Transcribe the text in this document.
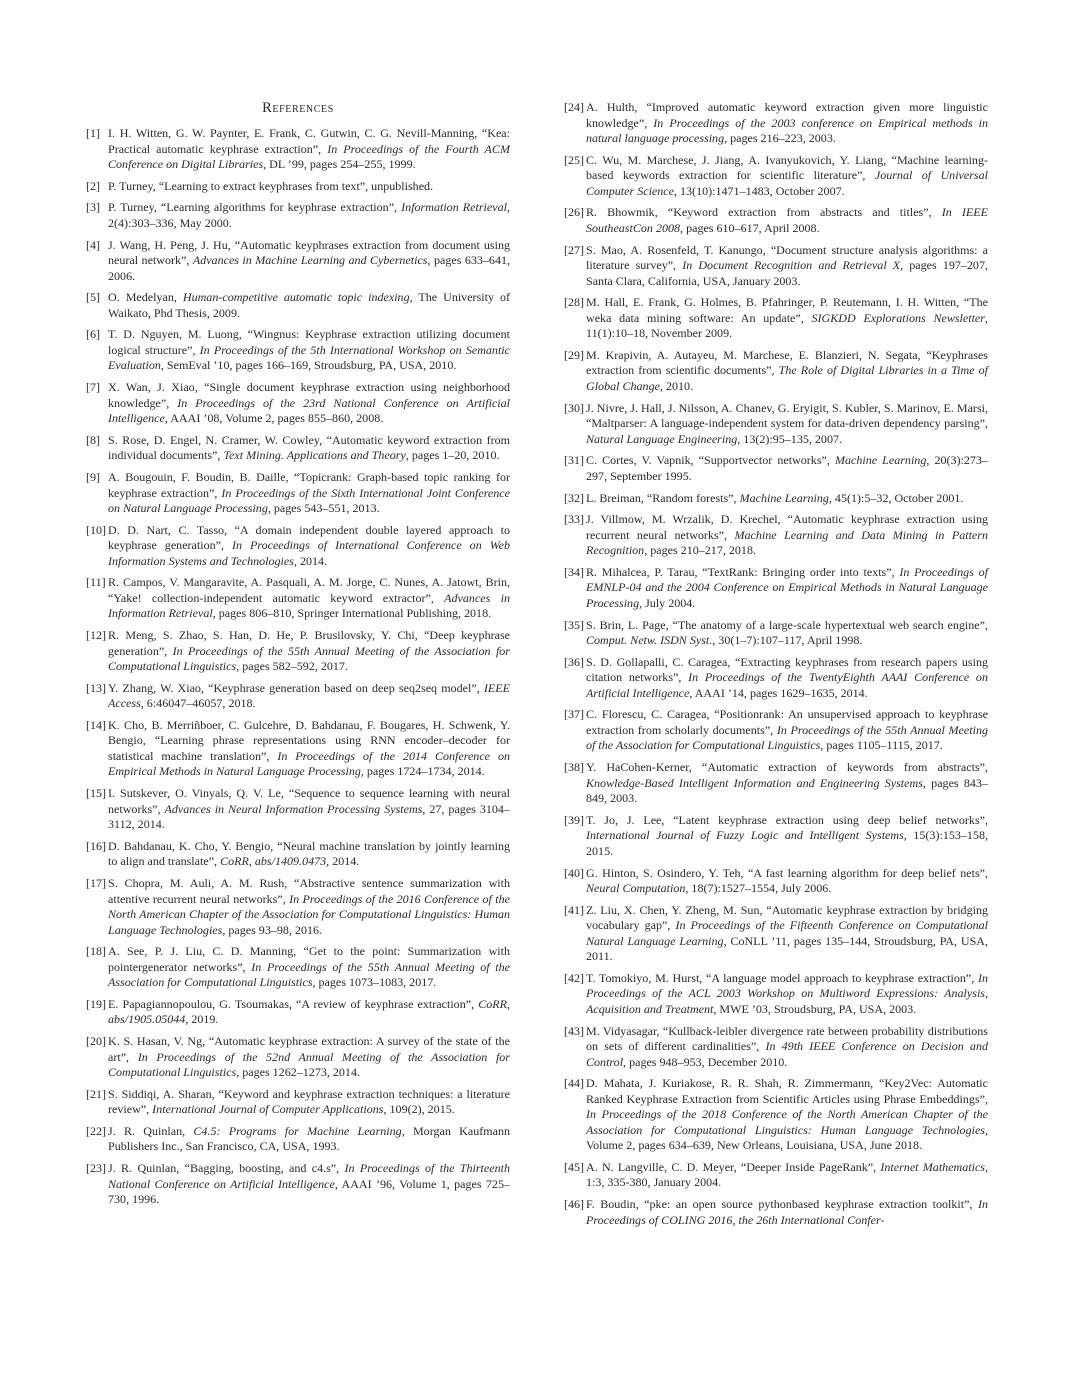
References
[1] I. H. Witten, G. W. Paynter, E. Frank, C. Gutwin, C. G. Nevill-Manning, “Kea: Practical automatic keyphrase extraction”, In Proceedings of the Fourth ACM Conference on Digital Libraries, DL ’99, pages 254–255, 1999.
[2] P. Turney, “Learning to extract keyphrases from text”, unpublished.
[3] P. Turney, “Learning algorithms for keyphrase extraction”, Information Retrieval, 2(4):303–336, May 2000.
[4] J. Wang, H. Peng, J. Hu, “Automatic keyphrases extraction from document using neural network”, Advances in Machine Learning and Cybernetics, pages 633–641, 2006.
[5] O. Medelyan, Human-competitive automatic topic indexing, The University of Waikato, Phd Thesis, 2009.
[6] T. D. Nguyen, M. Luong, “Wingnus: Keyphrase extraction utilizing document logical structure”, In Proceedings of the 5th International Workshop on Semantic Evaluation, SemEval ’10, pages 166–169, Stroudsburg, PA, USA, 2010.
[7] X. Wan, J. Xiao, “Single document keyphrase extraction using neighborhood knowledge”, In Proceedings of the 23rd National Conference on Artificial Intelligence, AAAI ’08, Volume 2, pages 855–860, 2008.
[8] S. Rose, D. Engel, N. Cramer, W. Cowley, “Automatic keyword extraction from individual documents”, Text Mining. Applications and Theory, pages 1–20, 2010.
[9] A. Bougouin, F. Boudin, B. Daille, “Topicrank: Graph-based topic ranking for keyphrase extraction”, In Proceedings of the Sixth International Joint Conference on Natural Language Processing, pages 543–551, 2013.
[10] D. D. Nart, C. Tasso, “A domain independent double layered approach to keyphrase generation”, In Proceedings of International Conference on Web Information Systems and Technologies, 2014.
[11] R. Campos, V. Mangaravite, A. Pasquali, A. M. Jorge, C. Nunes, A. Jatowt, Brin, “Yake! collection-independent automatic keyword extractor”, Advances in Information Retrieval, pages 806–810, Springer International Publishing, 2018.
[12] R. Meng, S. Zhao, S. Han, D. He, P. Brusilovsky, Y. Chi, “Deep keyphrase generation”, In Proceedings of the 55th Annual Meeting of the Association for Computational Linguistics, pages 582–592, 2017.
[13] Y. Zhang, W. Xiao, “Keyphrase generation based on deep seq2seq model”, IEEE Access, 6:46047–46057, 2018.
[14] K. Cho, B. Merriñboer, C. Gulcehre, D. Bahdanau, F. Bougares, H. Schwenk, Y. Bengio, “Learning phrase representations using RNN encoder–decoder for statistical machine translation”, In Proceedings of the 2014 Conference on Empirical Methods in Natural Language Processing, pages 1724–1734, 2014.
[15] I. Sutskever, O. Vinyals, Q. V. Le, “Sequence to sequence learning with neural networks”, Advances in Neural Information Processing Systems, 27, pages 3104–3112, 2014.
[16] D. Bahdanau, K. Cho, Y. Bengio, “Neural machine translation by jointly learning to align and translate”, CoRR, abs/1409.0473, 2014.
[17] S. Chopra, M. Auli, A. M. Rush, “Abstractive sentence summarization with attentive recurrent neural networks”, In Proceedings of the 2016 Conference of the North American Chapter of the Association for Computational Linguistics: Human Language Technologies, pages 93–98, 2016.
[18] A. See, P. J. Liu, C. D. Manning, “Get to the point: Summarization with pointergenerator networks”, In Proceedings of the 55th Annual Meeting of the Association for Computational Linguistics, pages 1073–1083, 2017.
[19] E. Papagiannopoulou, G. Tsoumakas, “A review of keyphrase extraction”, CoRR, abs/1905.05044, 2019.
[20] K. S. Hasan, V. Ng, “Automatic keyphrase extraction: A survey of the state of the art”, In Proceedings of the 52nd Annual Meeting of the Association for Computational Linguistics, pages 1262–1273, 2014.
[21] S. Siddiqi, A. Sharan, “Keyword and keyphrase extraction techniques: a literature review”, International Journal of Computer Applications, 109(2), 2015.
[22] J. R. Quinlan, C4.5: Programs for Machine Learning, Morgan Kaufmann Publishers Inc., San Francisco, CA, USA, 1993.
[23] J. R. Quinlan, “Bagging, boosting, and c4.s”, In Proceedings of the Thirteenth National Conference on Artificial Intelligence, AAAI ’96, Volume 1, pages 725–730, 1996.
[24] A. Hulth, “Improved automatic keyword extraction given more linguistic knowledge”, In Proceedings of the 2003 conference on Empirical methods in natural language processing, pages 216–223, 2003.
[25] C. Wu, M. Marchese, J. Jiang, A. Ivanyukovich, Y. Liang, “Machine learning-based keywords extraction for scientific literature”, Journal of Universal Computer Science, 13(10):1471–1483, October 2007.
[26] R. Bhowmik, “Keyword extraction from abstracts and titles”, In IEEE SoutheastCon 2008, pages 610–617, April 2008.
[27] S. Mao, A. Rosenfeld, T. Kanungo, “Document structure analysis algorithms: a literature survey”, In Document Recognition and Retrieval X, pages 197–207, Santa Clara, California, USA, January 2003.
[28] M. Hall, E. Frank, G. Holmes, B. Pfahringer, P. Reutemann, I. H. Witten, “The weka data mining software: An update”, SIGKDD Explorations Newsletter, 11(1):10–18, November 2009.
[29] M. Krapivin, A. Autayeu, M. Marchese, E. Blanzieri, N. Segata, “Keyphrases extraction from scientific documents”, The Role of Digital Libraries in a Time of Global Change, 2010.
[30] J. Nivre, J. Hall, J. Nilsson, A. Chanev, G. Eryigit, S. Kubler, S. Marinov, E. Marsi, “Maltparser: A language-independent system for data-driven dependency parsing”, Natural Language Engineering, 13(2):95–135, 2007.
[31] C. Cortes, V. Vapnik, “Supportvector networks”, Machine Learning, 20(3):273–297, September 1995.
[32] L. Breiman, “Random forests”, Machine Learning, 45(1):5–32, October 2001.
[33] J. Villmow, M. Wrzalik, D. Krechel, “Automatic keyphrase extraction using recurrent neural networks”, Machine Learning and Data Mining in Pattern Recognition, pages 210–217, 2018.
[34] R. Mihalcea, P. Tarau, “TextRank: Bringing order into texts”, In Proceedings of EMNLP-04 and the 2004 Conference on Empirical Methods in Natural Language Processing, July 2004.
[35] S. Brin, L. Page, “The anatomy of a large-scale hypertextual web search engine”, Comput. Netw. ISDN Syst., 30(1–7):107–117, April 1998.
[36] S. D. Gollapalli, C. Caragea, “Extracting keyphrases from research papers using citation networks”, In Proceedings of the TwentyEighth AAAI Conference on Artificial Intelligence, AAAI ’14, pages 1629–1635, 2014.
[37] C. Florescu, C. Caragea, “Positionrank: An unsupervised approach to keyphrase extraction from scholarly documents”, In Proceedings of the 55th Annual Meeting of the Association for Computational Linguistics, pages 1105–1115, 2017.
[38] Y. HaCohen-Kerner, “Automatic extraction of keywords from abstracts”, Knowledge-Based Intelligent Information and Engineering Systems, pages 843–849, 2003.
[39] T. Jo, J. Lee, “Latent keyphrase extraction using deep belief networks”, International Journal of Fuzzy Logic and Intelligent Systems, 15(3):153–158, 2015.
[40] G. Hinton, S. Osindero, Y. Teh, “A fast learning algorithm for deep belief nets”, Neural Computation, 18(7):1527–1554, July 2006.
[41] Z. Liu, X. Chen, Y. Zheng, M. Sun, “Automatic keyphrase extraction by bridging vocabulary gap”, In Proceedings of the Fifteenth Conference on Computational Natural Language Learning, CoNLL ’11, pages 135–144, Stroudsburg, PA, USA, 2011.
[42] T. Tomokiyo, M. Hurst, “A language model approach to keyphrase extraction”, In Proceedings of the ACL 2003 Workshop on Multiword Expressions: Analysis, Acquisition and Treatment, MWE ’03, Stroudsburg, PA, USA, 2003.
[43] M. Vidyasagar, “Kullback-leibler divergence rate between probability distributions on sets of different cardinalities”, In 49th IEEE Conference on Decision and Control, pages 948–953, December 2010.
[44] D. Mahata, J. Kuriakose, R. R. Shah, R. Zimmermann, “Key2Vec: Automatic Ranked Keyphrase Extraction from Scientific Articles using Phrase Embeddings”, In Proceedings of the 2018 Conference of the North American Chapter of the Association for Computational Linguistics: Human Language Technologies, Volume 2, pages 634–639, New Orleans, Louisiana, USA, June 2018.
[45] A. N. Langville, C. D. Meyer, “Deeper Inside PageRank”, Internet Mathematics, 1:3, 335-380, January 2004.
[46] F. Boudin, “pke: an open source pythonbased keyphrase extraction toolkit”, In Proceedings of COLING 2016, the 26th International Confer-
